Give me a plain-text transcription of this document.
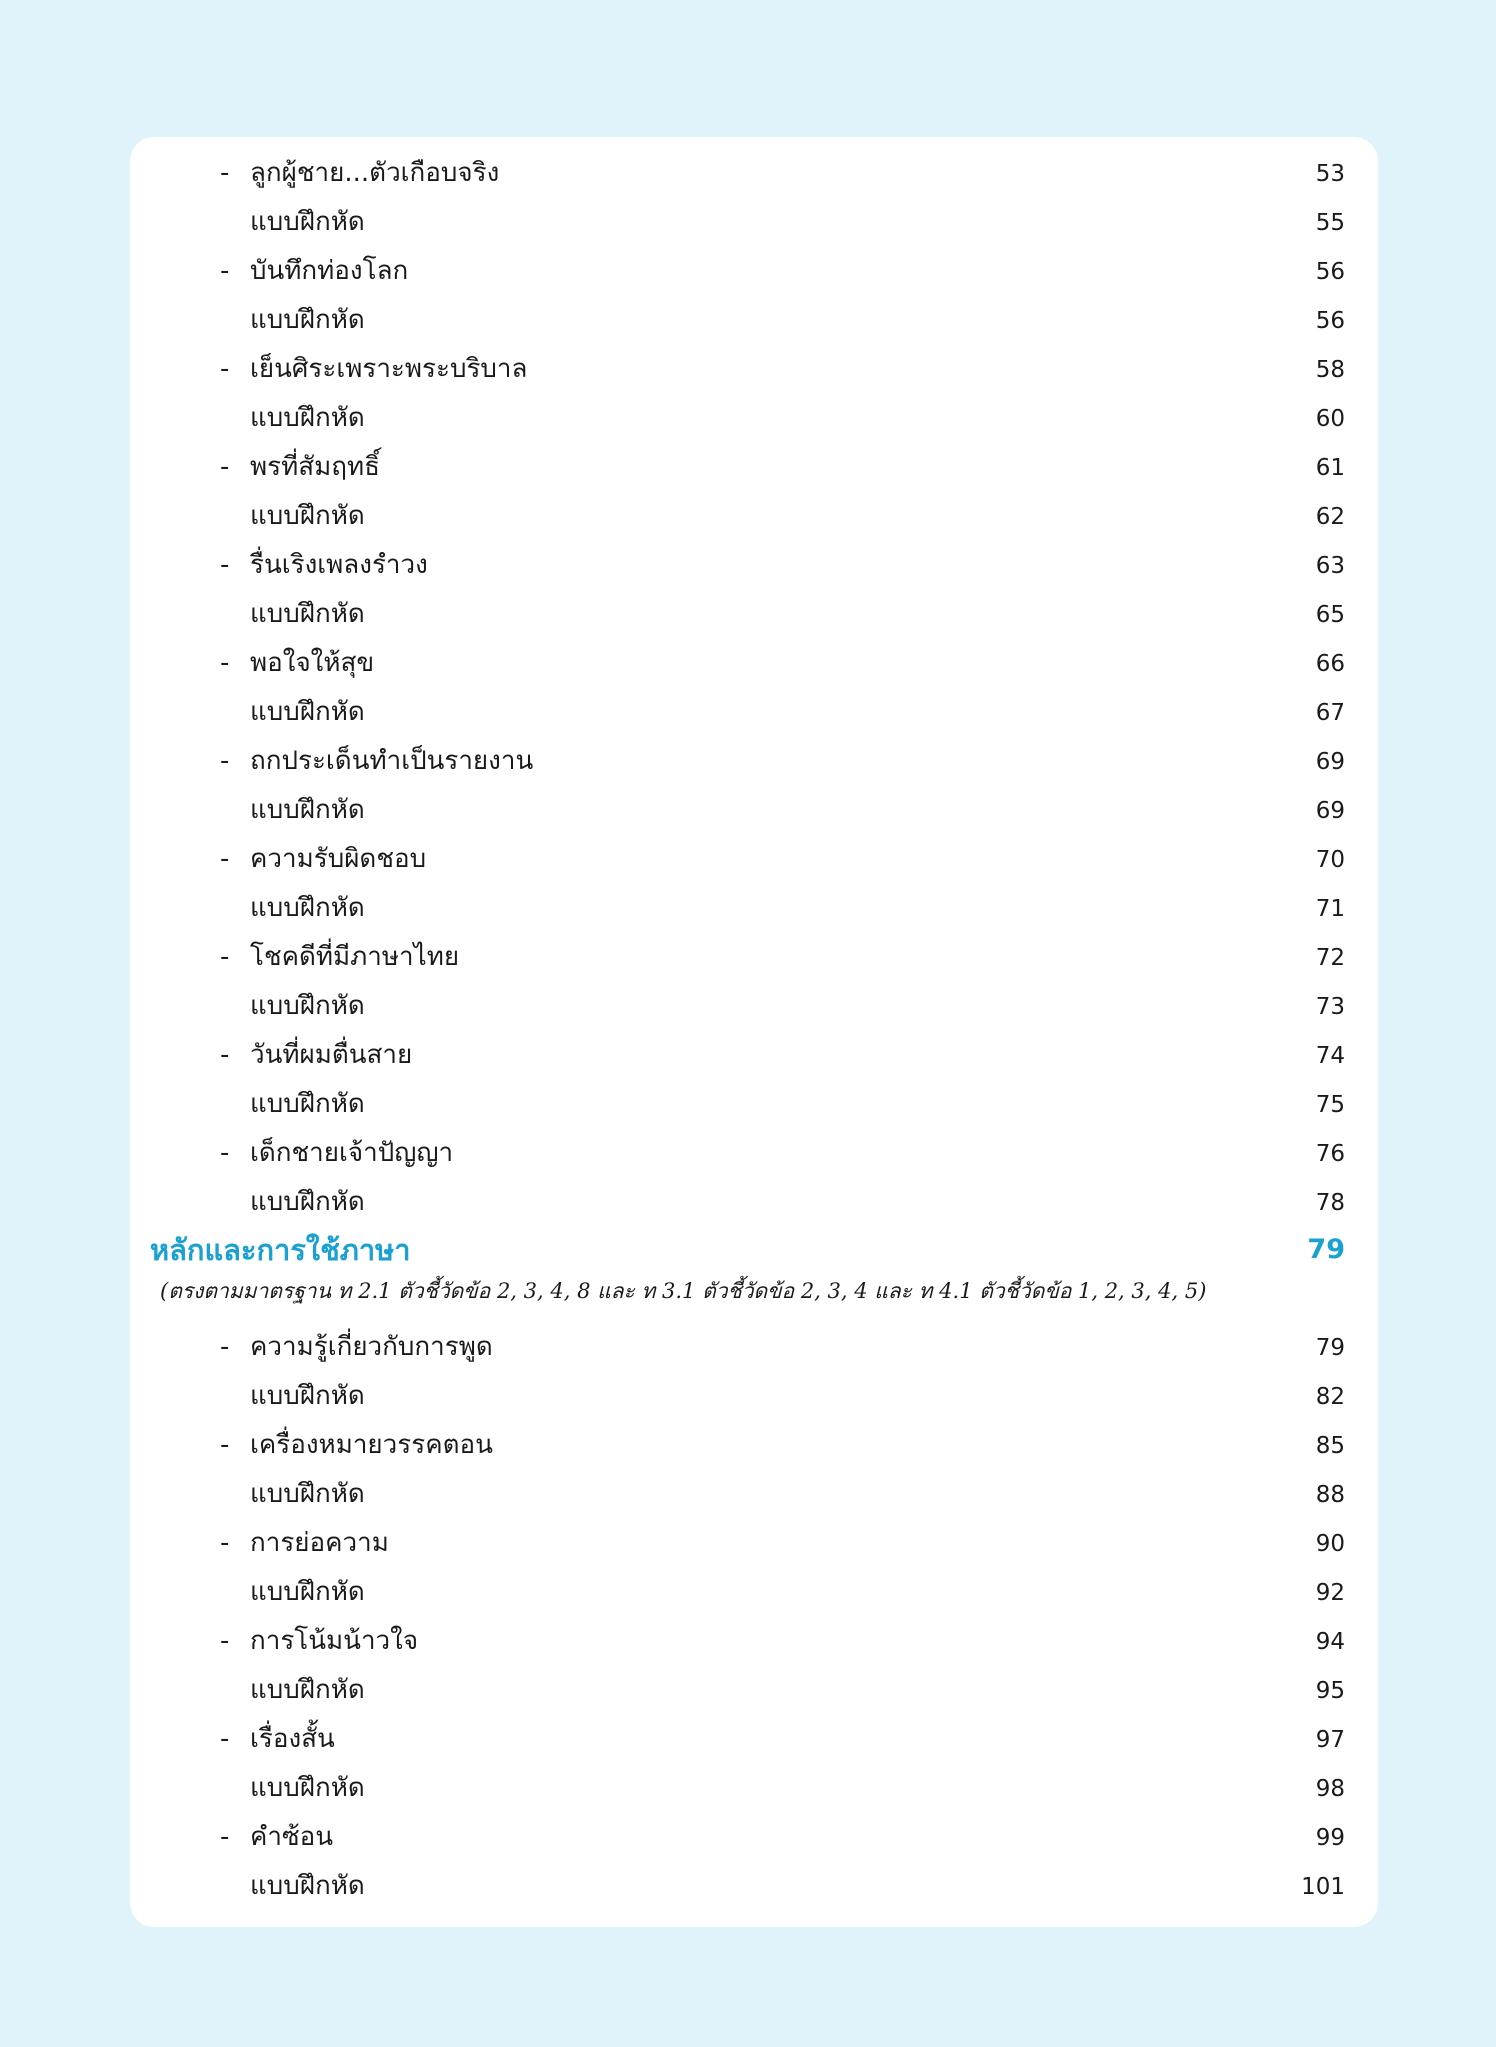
- ลูกผู้ชาย...ตัวเกือบจริง	53
แบบฝึกหัด	55
- บันทึกท่องโลก	56
แบบฝึกหัด	56
- เย็นศิระเพราะพระบริบาล	58
แบบฝึกหัด	60
- พรที่สัมฤทธิ์	61
แบบฝึกหัด	62
- รื่นเริงเพลงรำวง	63
แบบฝึกหัด	65
- พอใจให้สุข	66
แบบฝึกหัด	67
- ถกประเด็นทำเป็นรายงาน	69
แบบฝึกหัด	69
- ความรับผิดชอบ	70
แบบฝึกหัด	71
- โชคดีที่มีภาษาไทย	72
แบบฝึกหัด	73
- วันที่ผมตื่นสาย	74
แบบฝึกหัด	75
- เด็กชายเจ้าปัญญา	76
แบบฝึกหัด	78
หลักและการใช้ภาษา	79
(ตรงตามมาตรฐาน ท 2.1 ตัวชี้วัดข้อ 2, 3, 4, 8 และ ท 3.1 ตัวชี้วัดข้อ 2, 3, 4 และ ท 4.1 ตัวชี้วัดข้อ 1, 2, 3, 4, 5)
- ความรู้เกี่ยวกับการพูด	79
แบบฝึกหัด	82
- เครื่องหมายวรรคตอน	85
แบบฝึกหัด	88
- การย่อความ	90
แบบฝึกหัด	92
- การโน้มน้าวใจ	94
แบบฝึกหัด	95
- เรื่องสั้น	97
แบบฝึกหัด	98
- คำซ้อน	99
แบบฝึกหัด	101
